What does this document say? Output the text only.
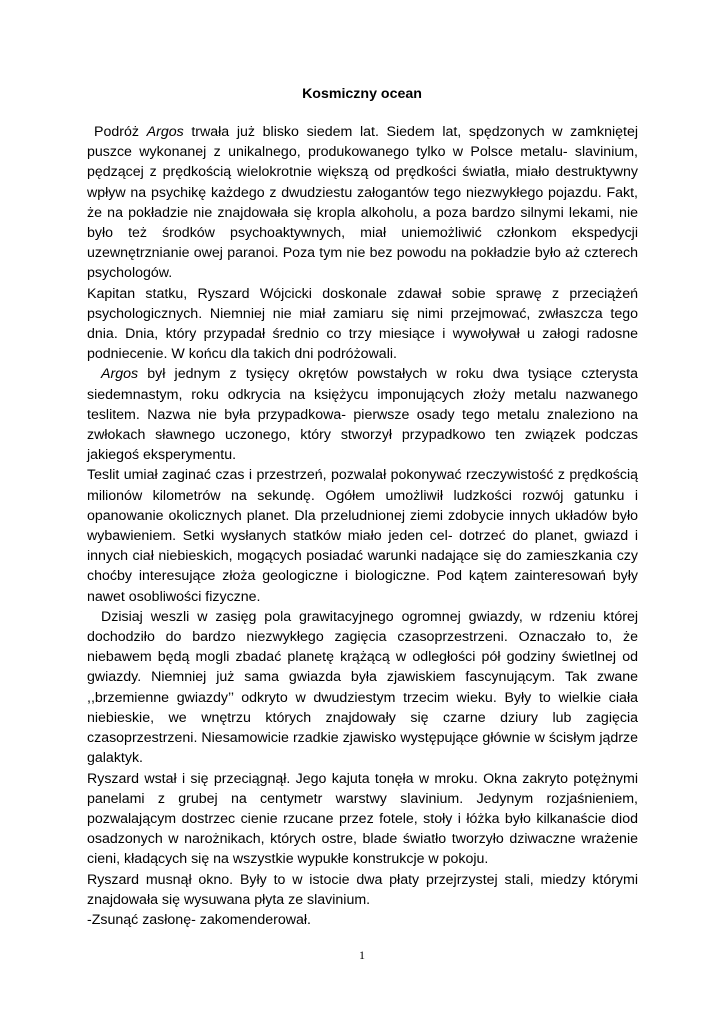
Kosmiczny ocean

Podróż Argos trwała już blisko siedem lat. Siedem lat, spędzonych w zamkniętej puszce wykonanej z unikalnego, produkowanego tylko w Polsce metalu- slavinium, pędzącej z prędkością wielokrotnie większą od prędkości światła, miało destruktywny wpływ na psychikę każdego z dwudziestu załogantów tego niezwykłego pojazdu. Fakt, że na pokładzie nie znajdowała się kropla alkoholu, a poza bardzo silnymi lekami, nie było też środków psychoaktywnych, miał uniemożliwić członkom ekspedycji uzewnętrznianie owej paranoi. Poza tym nie bez powodu na pokładzie było aż czterech psychologów.

Kapitan statku, Ryszard Wójcicki doskonale zdawał sobie sprawę z przeciążeń psychologicznych. Niemniej nie miał zamiaru się nimi przejmować, zwłaszcza tego dnia. Dnia, który przypadał średnio co trzy miesiące i wywoływał u załogi radosne podniecenie. W końcu dla takich dni podróżowali.

Argos był jednym z tysięcy okrętów powstałych w roku dwa tysiące czterysta siedemnastym, roku odkrycia na księżycu imponujących złoży metalu nazwanego teslitem. Nazwa nie była przypadkowa- pierwsze osady tego metalu znaleziono na zwłokach sławnego uczonego, który stworzył przypadkowo ten związek podczas jakiegoś eksperymentu.

Teslit umiał zaginać czas i przestrzeń, pozwalał pokonywać rzeczywistość z prędkością milionów kilometrów na sekundę. Ogółem umożliwił ludzkości rozwój gatunku i opanowanie okolicznych planet. Dla przeludnionej ziemi zdobycie innych układów było wybawieniem. Setki wysłanych statków miało jeden cel- dotrzeć do planet, gwiazd i innych ciał niebieskich, mogących posiadać warunki nadające się do zamieszkania czy choćby interesujące złoża geologiczne i biologiczne. Pod kątem zainteresowań były nawet osobliwości fizyczne.

Dzisiaj weszli w zasięg pola grawitacyjnego ogromnej gwiazdy, w rdzeniu której dochodziło do bardzo niezwykłego zagięcia czasoprzestrzeni. Oznaczało to, że niebawem będą mogli zbadać planetę krążącą w odległości pół godziny świetlnej od gwiazdy. Niemniej już sama gwiazda była zjawiskiem fascynującym. Tak zwane ,,brzemienne gwiazdy’’ odkryto w dwudziestym trzecim wieku. Były to wielkie ciała niebieskie, we wnętrzu których znajdowały się czarne dziury lub zagięcia czasoprzestrzeni. Niesamowicie rzadkie zjawisko występujące głównie w ścisłym jądrze galaktyk.

Ryszard wstał i się przeciągnął. Jego kajuta tonęła w mroku. Okna zakryto potężnymi panelami z grubej na centymetr warstwy slavinium. Jedynym rozjaśnieniem, pozwalającym dostrzec cienie rzucane przez fotele, stoły i łóżka było kilkanaście diod osadzonych w narożnikach, których ostre, blade światło tworzyło dziwaczne wrażenie cieni, kładących się na wszystkie wypukłe konstrukcje w pokoju.

Ryszard musnął okno. Były to w istocie dwa płaty przejrzystej stali, miedzy którymi znajdowała się wysuwana płyta ze slavinium.

-Zsunąć zasłonę- zakomenderował.

1
